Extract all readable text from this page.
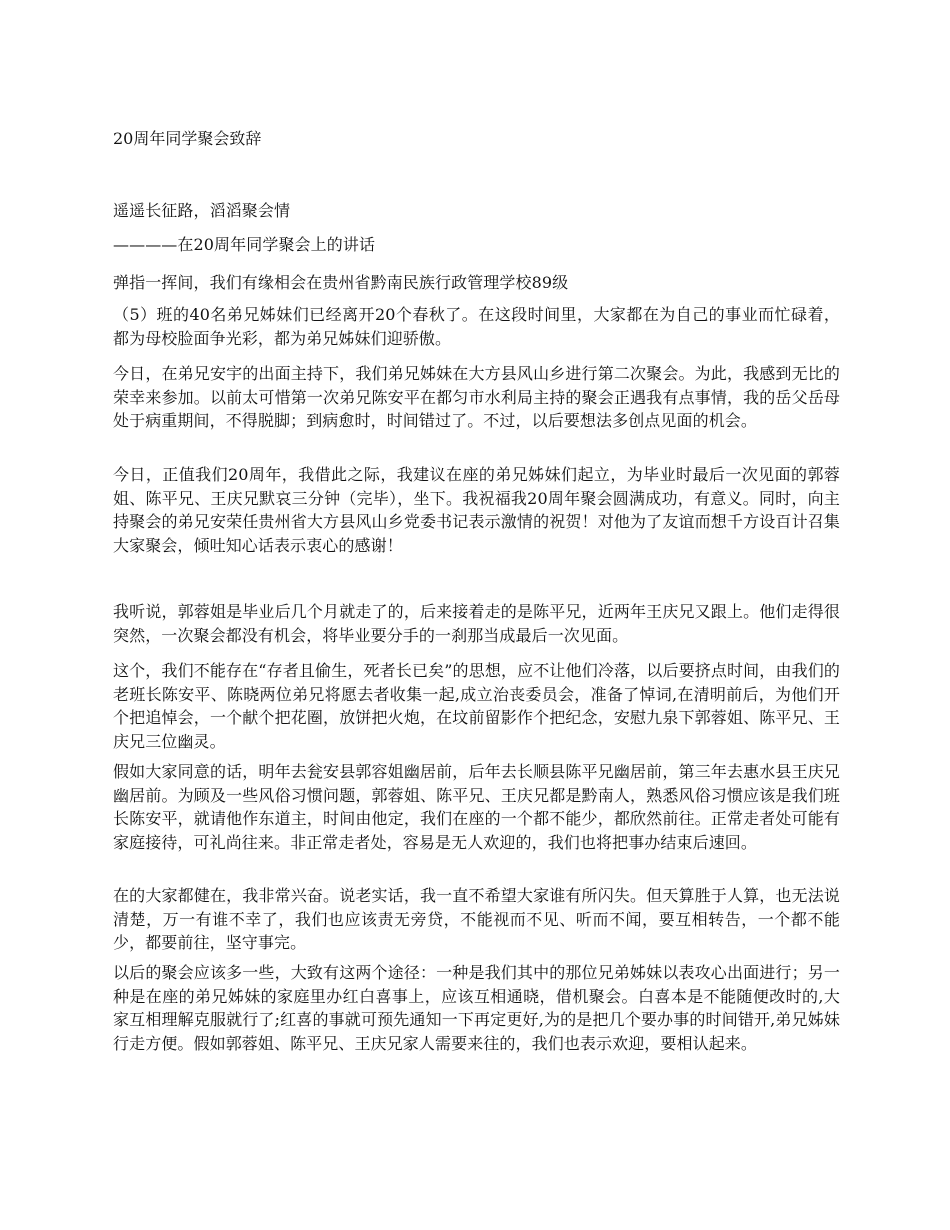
20周年同学聚会致辞

遥遥长征路，滔滔聚会情

————在20周年同学聚会上的讲话

弹指一挥间，我们有缘相会在贵州省黔南民族行政管理学校89级

（5）班的40名弟兄姊妹们已经离开20个春秋了。在这段时间里，大家都在为自己的事业而忙碌着，都为母校脸面争光彩，都为弟兄姊妹们迎骄傲。

今日，在弟兄安宇的出面主持下，我们弟兄姊妹在大方县风山乡进行第二次聚会。为此，我感到无比的荣幸来参加。以前太可惜第一次弟兄陈安平在都匀市水利局主持的聚会正遇我有点事情，我的岳父岳母处于病重期间，不得脱脚；到病愈时，时间错过了。不过，以后要想法多创点见面的机会。

今日，正值我们20周年，我借此之际，我建议在座的弟兄姊妹们起立，为毕业时最后一次见面的郭蓉姐、陈平兄、王庆兄默哀三分钟（完毕），坐下。我祝福我20周年聚会圆满成功，有意义。同时，向主持聚会的弟兄安荣任贵州省大方县风山乡党委书记表示激情的祝贺！对他为了友谊而想千方设百计召集大家聚会，倾吐知心话表示衷心的感谢！

我听说，郭蓉姐是毕业后几个月就走了的，后来接着走的是陈平兄，近两年王庆兄又跟上。他们走得很突然，一次聚会都没有机会，将毕业要分手的一刹那当成最后一次见面。

这个，我们不能存在“存者且偷生，死者长已矣”的思想，应不让他们冷落，以后要挤点时间，由我们的老班长陈安平、陈晓两位弟兄将愿去者收集一起,成立治丧委员会，准备了悼词,在清明前后，为他们开个把追悼会，一个献个把花圈，放饼把火炮，在坟前留影作个把纪念，安慰九泉下郭蓉姐、陈平兄、王庆兄三位幽灵。

假如大家同意的话，明年去瓮安县郭容姐幽居前，后年去长顺县陈平兄幽居前，第三年去惠水县王庆兄幽居前。为顾及一些风俗习惯问题，郭蓉姐、陈平兄、王庆兄都是黔南人，熟悉风俗习惯应该是我们班长陈安平，就请他作东道主，时间由他定，我们在座的一个都不能少，都欣然前往。正常走者处可能有家庭接待，可礼尚往来。非正常走者处，容易是无人欢迎的，我们也将把事办结束后速回。

在的大家都健在，我非常兴奋。说老实话，我一直不希望大家谁有所闪失。但天算胜于人算，也无法说清楚，万一有谁不幸了，我们也应该责无旁贷，不能视而不见、听而不闻，要互相转告，一个都不能少，都要前往，坚守事完。

以后的聚会应该多一些，大致有这两个途径：一种是我们其中的那位兄弟姊妹以表攻心出面进行；另一种是在座的弟兄姊妹的家庭里办红白喜事上，应该互相通晓，借机聚会。白喜本是不能随便改时的,大家互相理解克服就行了;红喜的事就可预先通知一下再定更好,为的是把几个要办事的时间错开,弟兄姊妹行走方便。假如郭蓉姐、陈平兄、王庆兄家人需要来往的，我们也表示欢迎，要相认起来。
